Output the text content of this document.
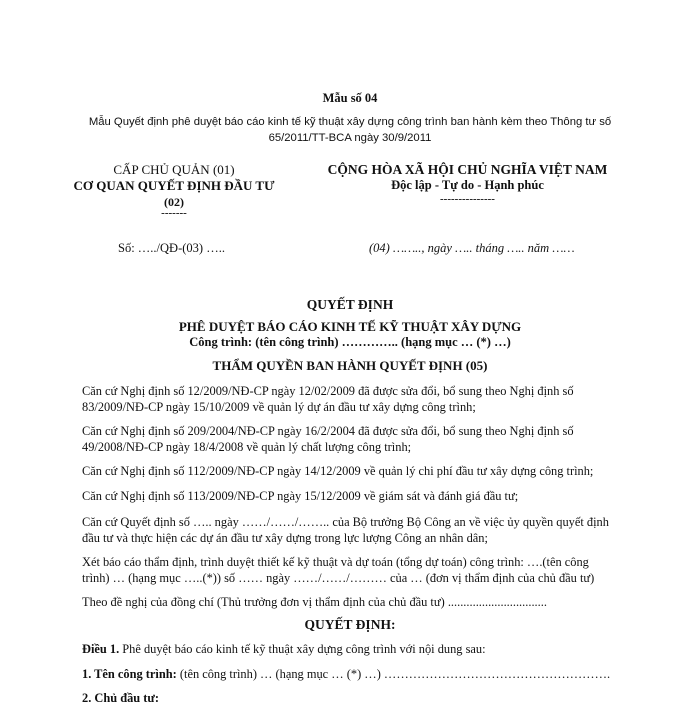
Mẫu số 04
Mẫu Quyết định phê duyệt báo cáo kinh tế kỹ thuật xây dựng công trình ban hành kèm theo Thông tư số
65/2011/TT-BCA ngày 30/9/2011
CẤP CHỦ QUẢN (01)
CƠ QUAN QUYẾT ĐỊNH ĐẦU TƯ
(02)
-------
CỘNG HÒA XÃ HỘI CHỦ NGHĨA VIỆT NAM
Độc lập - Tự do - Hạnh phúc
---------------
Số: …../QĐ-(03) …..	(04) …….., ngày ….. tháng ….. năm ……
QUYẾT ĐỊNH
PHÊ DUYỆT BÁO CÁO KINH TẾ KỸ THUẬT XÂY DỰNG
Công trình: (tên công trình) ………….. (hạng mục … (*) …)
THẨM QUYỀN BAN HÀNH QUYẾT ĐỊNH (05)
Căn cứ Nghị định số 12/2009/NĐ-CP ngày 12/02/2009 đã được sửa đổi, bổ sung theo Nghị định số
83/2009/NĐ-CP ngày 15/10/2009 về quản lý dự án đầu tư xây dựng công trình;
Căn cứ Nghị định số 209/2004/NĐ-CP ngày 16/2/2004 đã được sửa đổi, bổ sung theo Nghị định số
49/2008/NĐ-CP ngày 18/4/2008 về quản lý chất lượng công trình;
Căn cứ Nghị định số 112/2009/NĐ-CP ngày 14/12/2009 về quản lý chi phí đầu tư xây dựng công trình;
Căn cứ Nghị định số 113/2009/NĐ-CP ngày 15/12/2009 về giám sát và đánh giá đầu tư;
Căn cứ Quyết định số ….. ngày ……/……/…….. của Bộ trưởng Bộ Công an về việc ủy quyền quyết định
đầu tư và thực hiện các dự án đầu tư xây dựng trong lực lượng Công an nhân dân;
Xét báo cáo thẩm định, trình duyệt thiết kế kỹ thuật và dự toán (tổng dự toán) công trình: ….(tên công
trình) … (hạng mục …..(*)) số …… ngày ……/……/……… của … (đơn vị thẩm định của chủ đầu tư)
Theo đề nghị của đồng chí (Thủ trưởng đơn vị thẩm định của chủ đầu tư) ................................
QUYẾT ĐỊNH:
Điều 1. Phê duyệt báo cáo kinh tế kỹ thuật xây dựng công trình với nội dung sau:
1. Tên công trình: (tên công trình) … (hạng mục … (*) …) ……………………………………………….
2. Chủ đầu tư:
